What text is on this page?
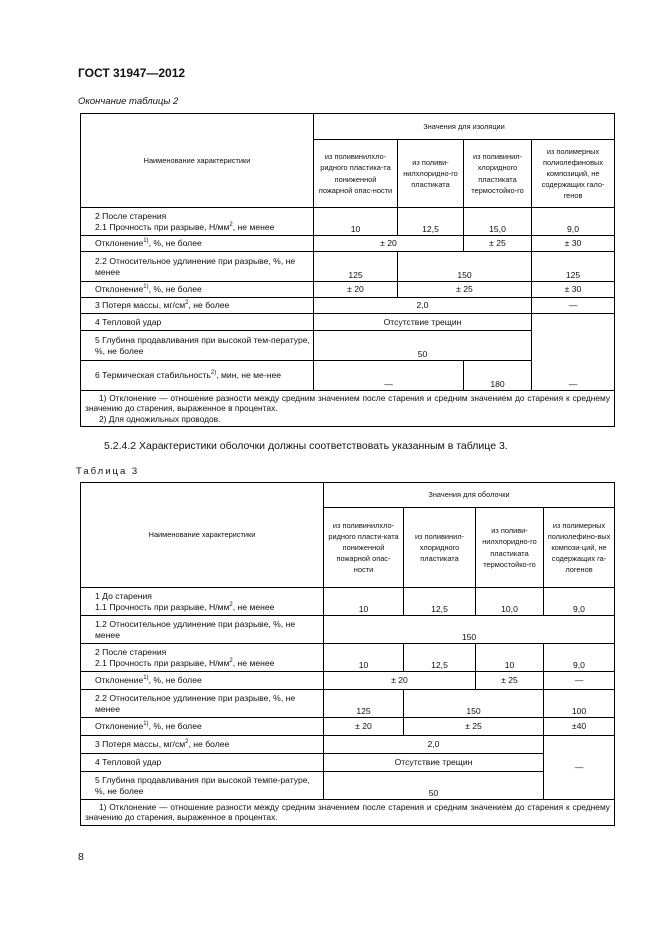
ГОСТ 31947—2012
Окончание таблицы 2
Наименование характеристики	Значения для изоляции			
	из поливинилхло-ридного пластика-та пониженной пожарной опас-ности	из поливи-нилхлоридно-го пластиката	из поливинил-хлоридного пластиката термостойко-го	из полимерных полиолефиновых композиций, не содержащих гало-генов
2 После старения
2.1 Прочность при разрыве, $Н/мм^2$, не менее	10	12,5	15,0	9,0
Отклонение$^{1)}$, %, не более	± 20		± 25	± 30
2.2 Относительное удлинение при разрыве, %, не менее	125	150		125
Отклонение$^{1)}$, %, не более	± 20	± 25		± 30
3 Потеря массы, $мг/см^2$, не более	2,0			—
4 Тепловой удар	Отсутствие трещин			—
5 Глубина продавливания при высокой тем-пературе, %, не более	50			
6 Термическая стабильность$^{2)}$, мин, не ме-нее	—		180	

1) Отклонение — отношение разности между средним значением после старения и средним значением до старения к среднему значению до старения, выраженное в процентах.
2) Для одножильных проводов.				
5.2.4.2 Характеристики оболочки должны соответствовать указанным в таблице 3.
Таблица 3
Наименование характеристики	Значения для оболочки			
	из поливинилхло-ридного пласти-ката пониженной пожарной опас-ности	из поливинил-хлоридного пластиката	из поливи-нилхлоридно-го пластиката термостойко-го	из полимерных полиолефино-вых компози-ций, не содержащих га-логенов
1 До старения
1.1 Прочность при разрыве, $Н/мм^2$, не менее	10	12,5	10,0	9,0
1.2 Относительное удлинение при разрыве, %, не менее	150			
2 После старения
2.1 Прочность при разрыве, $Н/мм^2$, не менее	10	12,5	10	9,0
Отклонение$^{1)}$, %, не более	± 20		± 25	—
2.2 Относительное удлинение при разрыве, %, не менее	125	150		100
Отклонение$^{1)}$, %, не более	± 20	± 25		±40
3 Потеря массы, $мг/см^2$, не более	2,0			—
4 Тепловой удар	Отсутствие трещин			
5 Глубина продавливания при высокой темпе-ратуре, %, не более	50			

1) Отклонение — отношение разности между средним значением после старения и средним значением до старения к среднему значению до старения, выраженное в процентах.				
8
